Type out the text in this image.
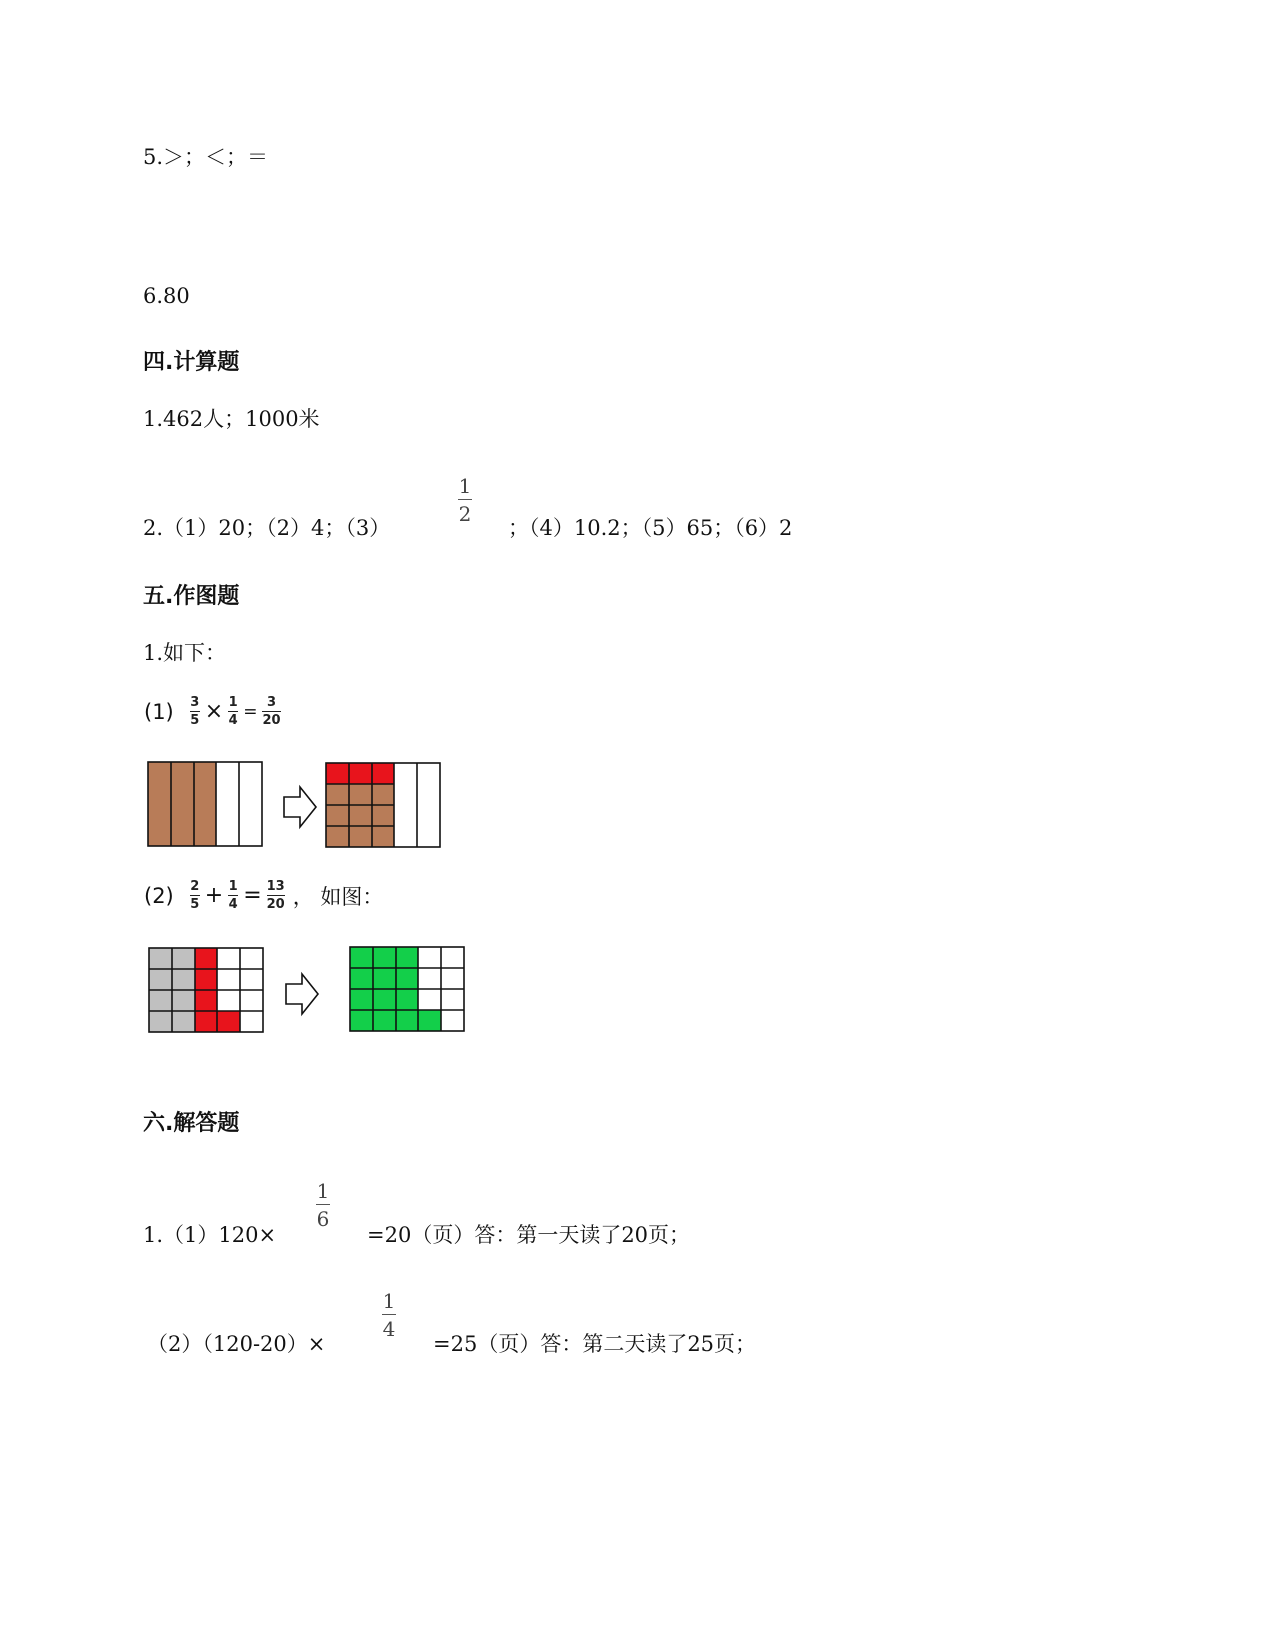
5.＞；＜；＝
6.80
四.计算题
1.462人；1000米
2.（1）20；（2）4；（3）
1
2
；（4）10.2；（5）65；（6）2
五.作图题
1.如下：
(1) 3
5 × 1
4 = 3
20
(2) 2
5 + 1
4 = 13
20 ， 如图：
六.解答题
1.（1）120×
1
6
=20（页）答：第一天读了20页；
（2）（120-20）×
1
4
=25（页）答：第二天读了25页；
